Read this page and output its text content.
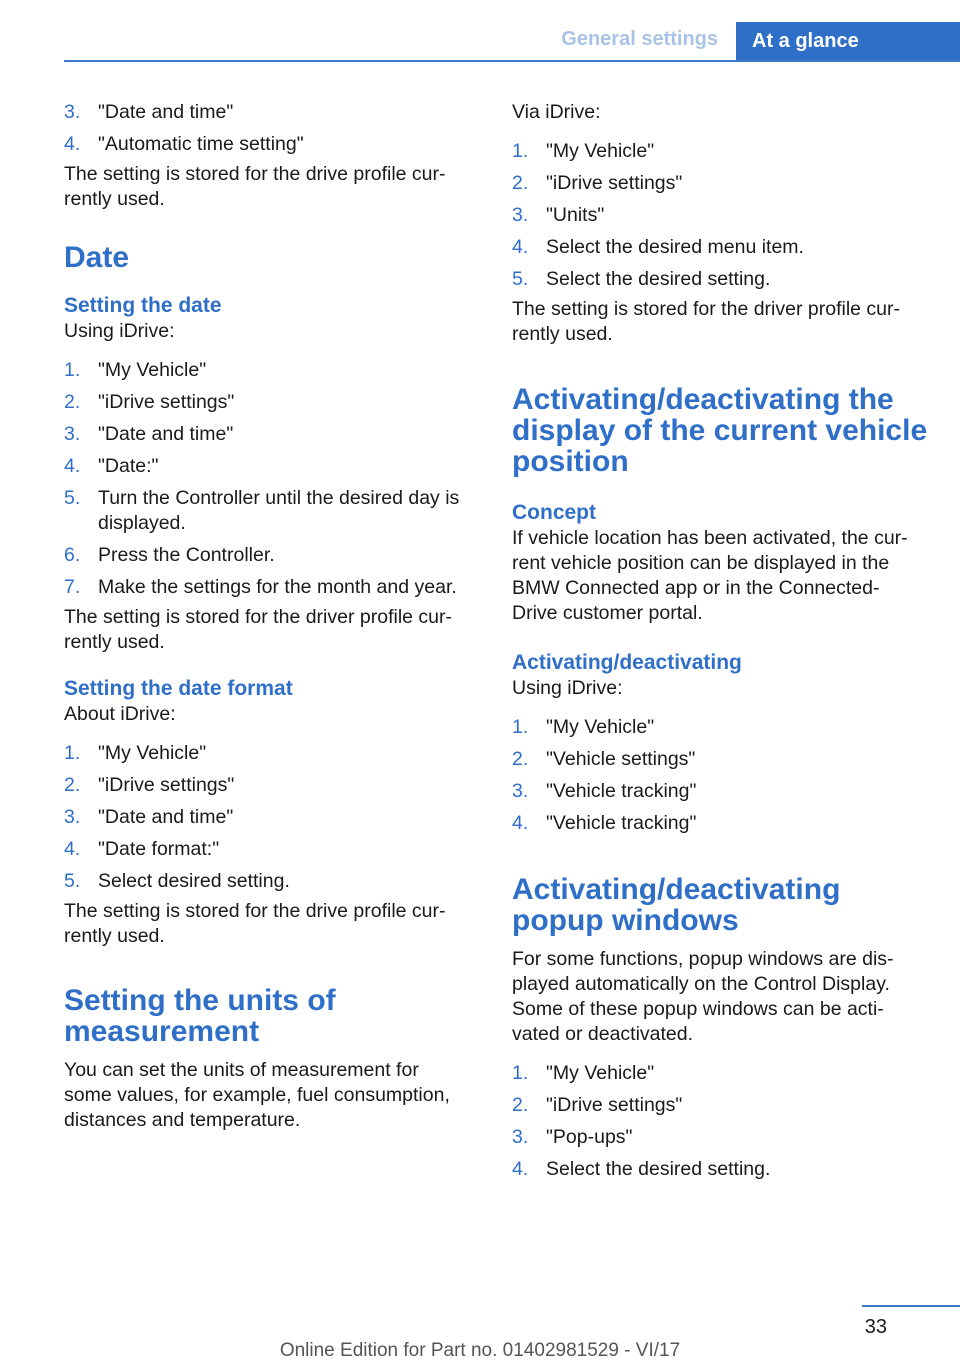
General settings	At a glance
3. "Date and time"
4. "Automatic time setting"

The setting is stored for the drive profile cur-
rently used.

Date
Setting the date

Using iDrive:

1. "My Vehicle"
2. "iDrive settings"
3. "Date and time"
4. "Date:"
5. Turn the Controller until the desired day is displayed.
6. Press the Controller.
7. Make the settings for the month and year.

The setting is stored for the driver profile cur-
rently used.

Setting the date format

About iDrive:

1. "My Vehicle"
2. "iDrive settings"
3. "Date and time"
4. "Date format:"
5. Select desired setting.

The setting is stored for the drive profile cur-
rently used.

Setting the units of
measurement

You can set the units of measurement for
some values, for example, fuel consumption,
distances and temperature.

Via iDrive:

1. "My Vehicle"
2. "iDrive settings"
3. "Units"
4. Select the desired menu item.
5. Select the desired setting.

The setting is stored for the driver profile cur-
rently used.

Activating/deactivating the
display of the current vehicle
position
Concept

If vehicle location has been activated, the cur-
rent vehicle position can be displayed in the
BMW Connected app or in the Connected-
Drive customer portal.

Activating/deactivating

Using iDrive:

1. "My Vehicle"
2. "Vehicle settings"
3. "Vehicle tracking"
4. "Vehicle tracking"
Activating/deactivating
popup windows

For some functions, popup windows are dis-
played automatically on the Control Display.
Some of these popup windows can be acti-
vated or deactivated.

1. "My Vehicle"
2. "iDrive settings"
3. "Pop-ups"
4. Select the desired setting.
33
Online Edition for Part no. 01402981529 - VI/17
